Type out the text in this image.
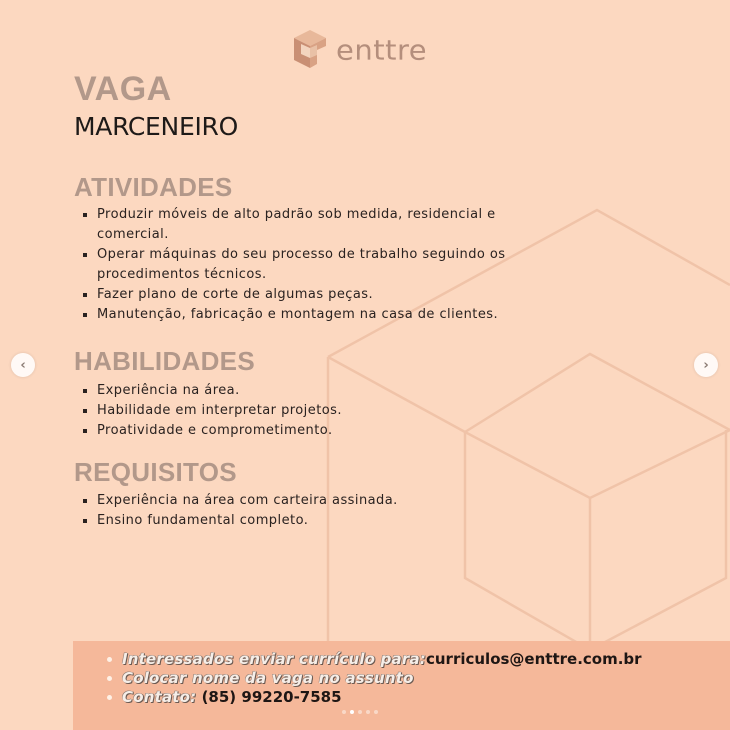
enttre
VAGA
MARCENEIRO
ATIVIDADES
Produzir móveis de alto padrão sob medida, residencial e comercial.
Operar máquinas do seu processo de trabalho seguindo os procedimentos técnicos.
Fazer plano de corte de algumas peças.
Manutenção, fabricação e montagem na casa de clientes.
HABILIDADES
Experiência na área.
Habilidade em interpretar projetos.
Proatividade e comprometimento.
REQUISITOS
Experiência na área com carteira assinada.
Ensino fundamental completo.
‹	›
Interessados enviar currículo para:curriculos@enttre.com.br
Colocar nome da vaga no assunto
Contato: (85) 99220-7585
